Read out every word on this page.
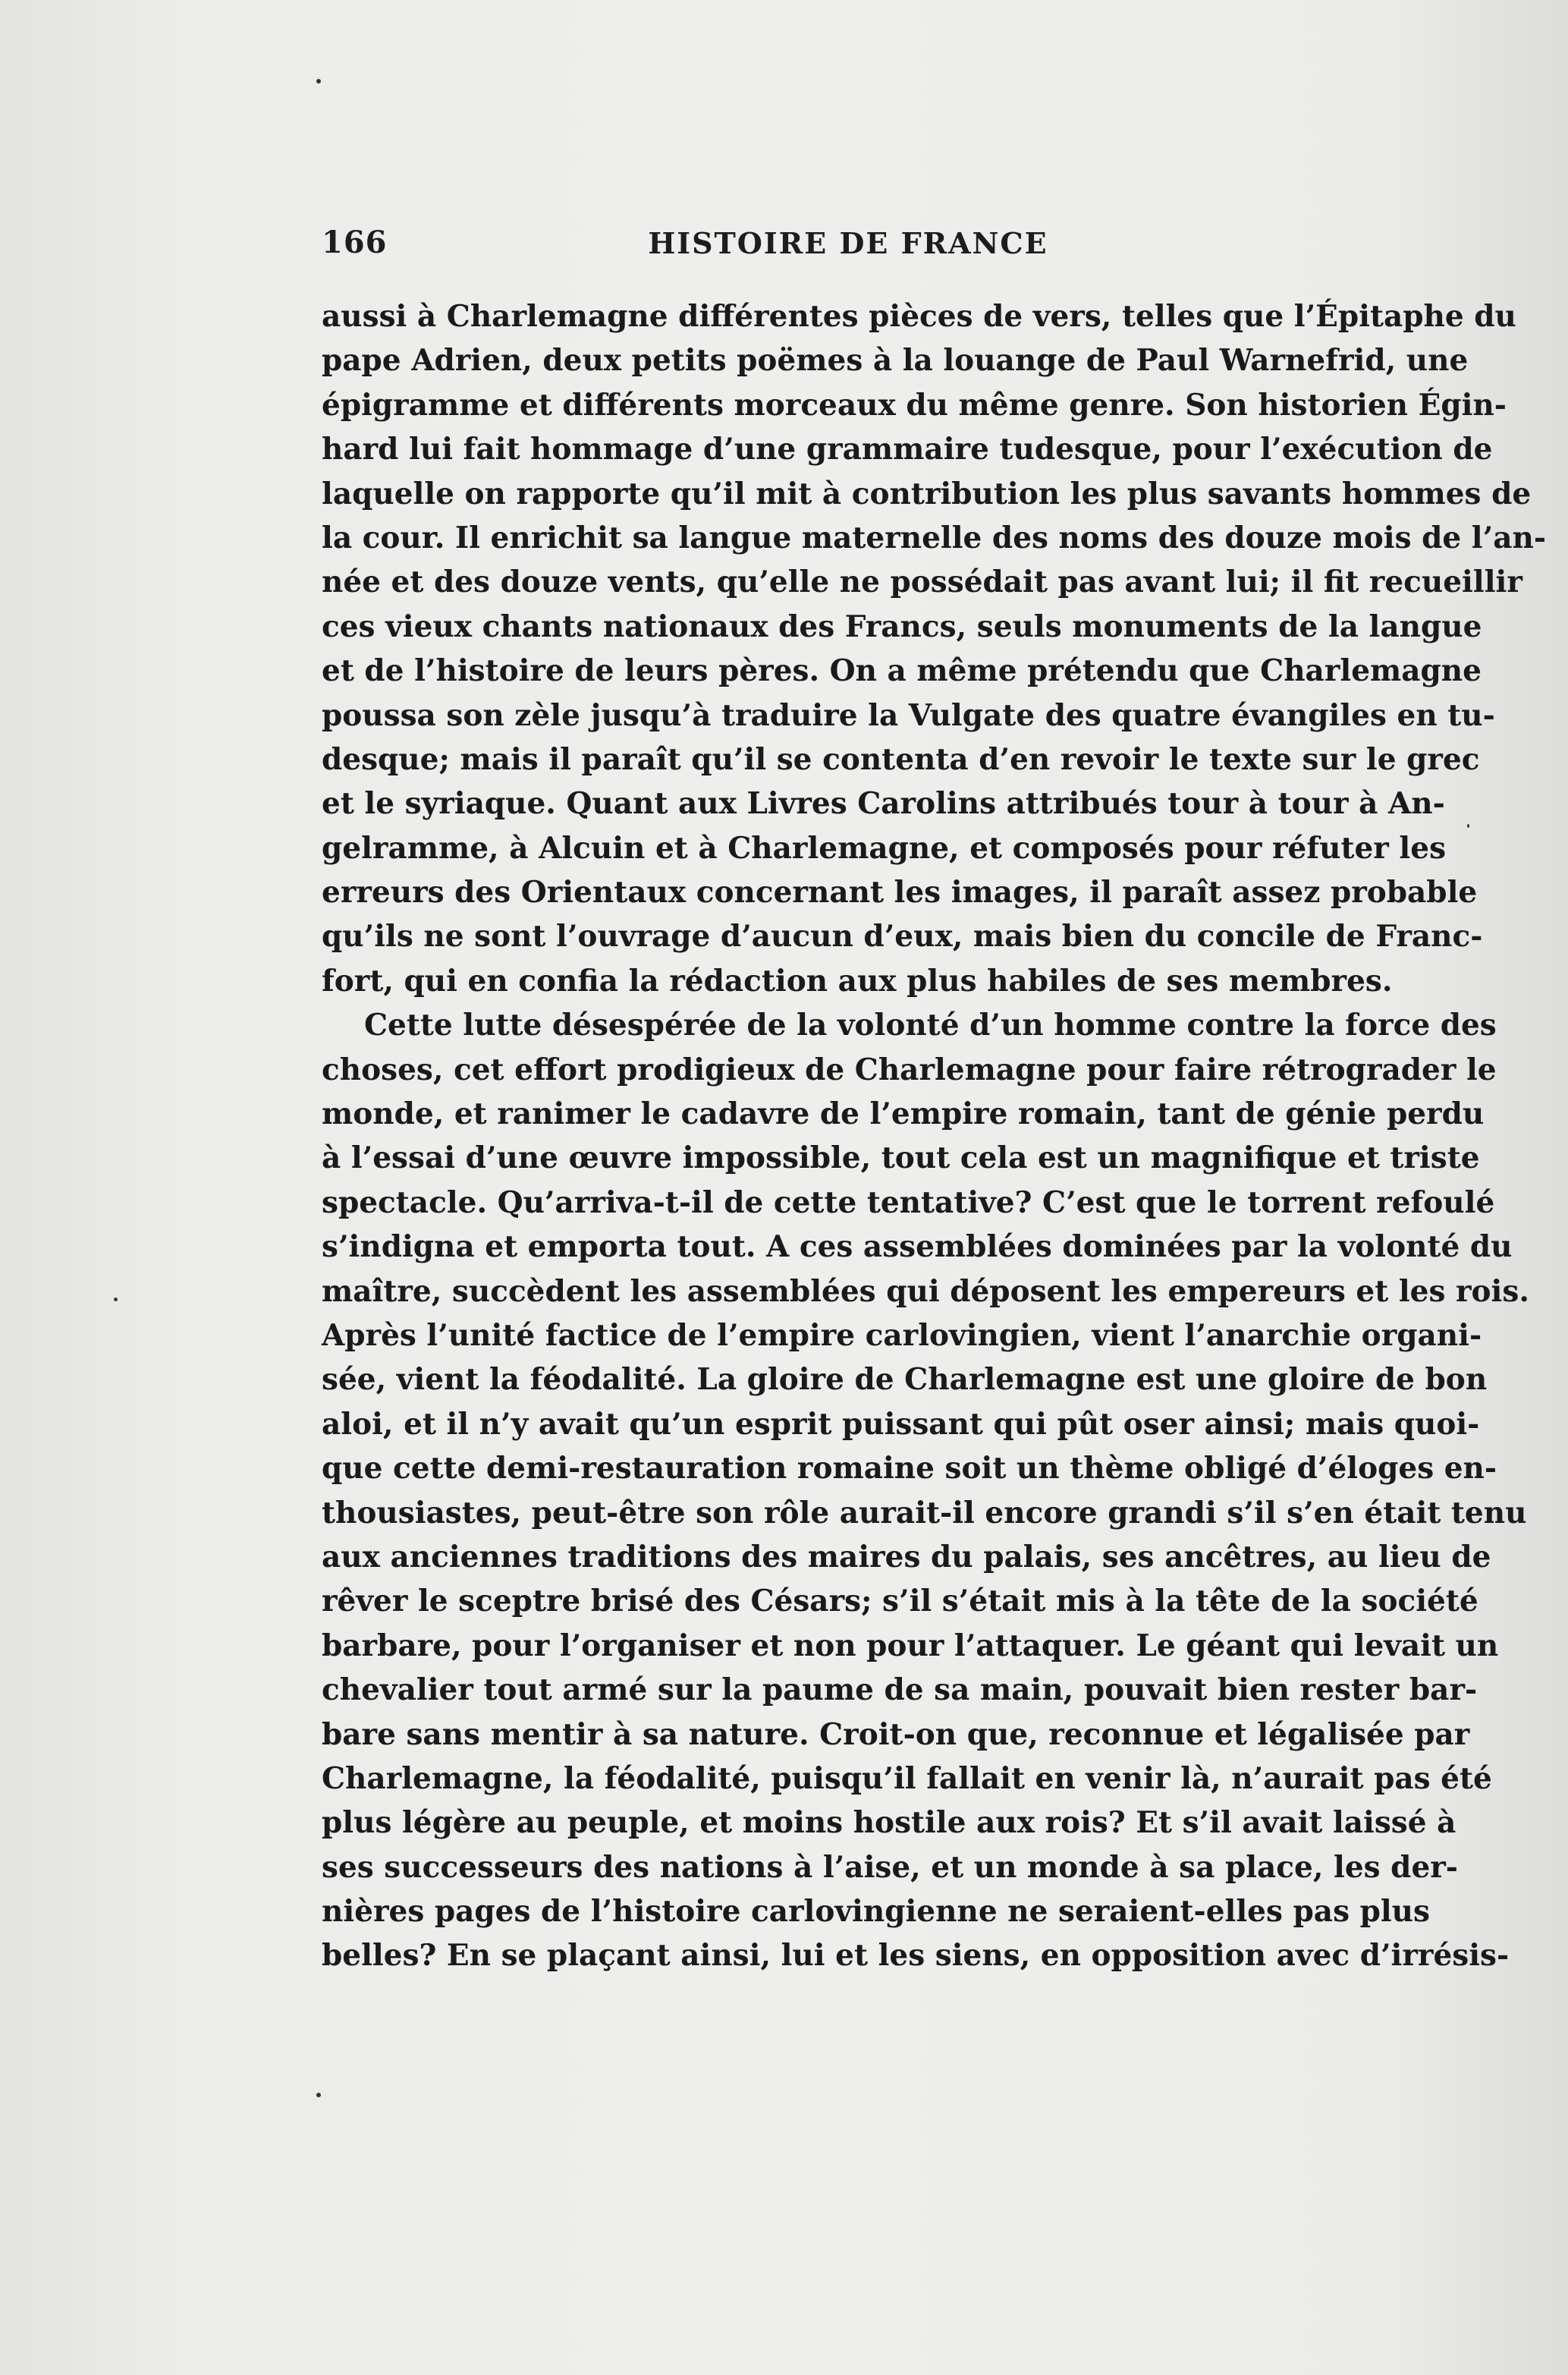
166	HISTOIRE DE FRANCE
aussi à Charlemagne différentes pièces de vers, telles que l’Épitaphe du
pape Adrien, deux petits poëmes à la louange de Paul Warnefrid, une
épigramme et différents morceaux du même genre. Son historien Égin-
hard lui fait hommage d’une grammaire tudesque, pour l’exécution de
laquelle on rapporte qu’il mit à contribution les plus savants hommes de
la cour. Il enrichit sa langue maternelle des noms des douze mois de l’an-
née et des douze vents, qu’elle ne possédait pas avant lui; il fit recueillir
ces vieux chants nationaux des Francs, seuls monuments de la langue
et de l’histoire de leurs pères. On a même prétendu que Charlemagne
poussa son zèle jusqu’à traduire la Vulgate des quatre évangiles en tu-
desque; mais il paraît qu’il se contenta d’en revoir le texte sur le grec
et le syriaque. Quant aux Livres Carolins attribués tour à tour à An-
gelramme, à Alcuin et à Charlemagne, et composés pour réfuter les
erreurs des Orientaux concernant les images, il paraît assez probable
qu’ils ne sont l’ouvrage d’aucun d’eux, mais bien du concile de Franc-
fort, qui en confia la rédaction aux plus habiles de ses membres.
Cette lutte désespérée de la volonté d’un homme contre la force des
choses, cet effort prodigieux de Charlemagne pour faire rétrograder le
monde, et ranimer le cadavre de l’empire romain, tant de génie perdu
à l’essai d’une œuvre impossible, tout cela est un magnifique et triste
spectacle. Qu’arriva-t-il de cette tentative? C’est que le torrent refoulé
s’indigna et emporta tout. A ces assemblées dominées par la volonté du
maître, succèdent les assemblées qui déposent les empereurs et les rois.
Après l’unité factice de l’empire carlovingien, vient l’anarchie organi-
sée, vient la féodalité. La gloire de Charlemagne est une gloire de bon
aloi, et il n’y avait qu’un esprit puissant qui pût oser ainsi; mais quoi-
que cette demi-restauration romaine soit un thème obligé d’éloges en-
thousiastes, peut-être son rôle aurait-il encore grandi s’il s’en était tenu
aux anciennes traditions des maires du palais, ses ancêtres, au lieu de
rêver le sceptre brisé des Césars; s’il s’était mis à la tête de la société
barbare, pour l’organiser et non pour l’attaquer. Le géant qui levait un
chevalier tout armé sur la paume de sa main, pouvait bien rester bar-
bare sans mentir à sa nature. Croit-on que, reconnue et légalisée par
Charlemagne, la féodalité, puisqu’il fallait en venir là, n’aurait pas été
plus légère au peuple, et moins hostile aux rois? Et s’il avait laissé à
ses successeurs des nations à l’aise, et un monde à sa place, les der-
nières pages de l’histoire carlovingienne ne seraient-elles pas plus
belles? En se plaçant ainsi, lui et les siens, en opposition avec d’irrésis-
